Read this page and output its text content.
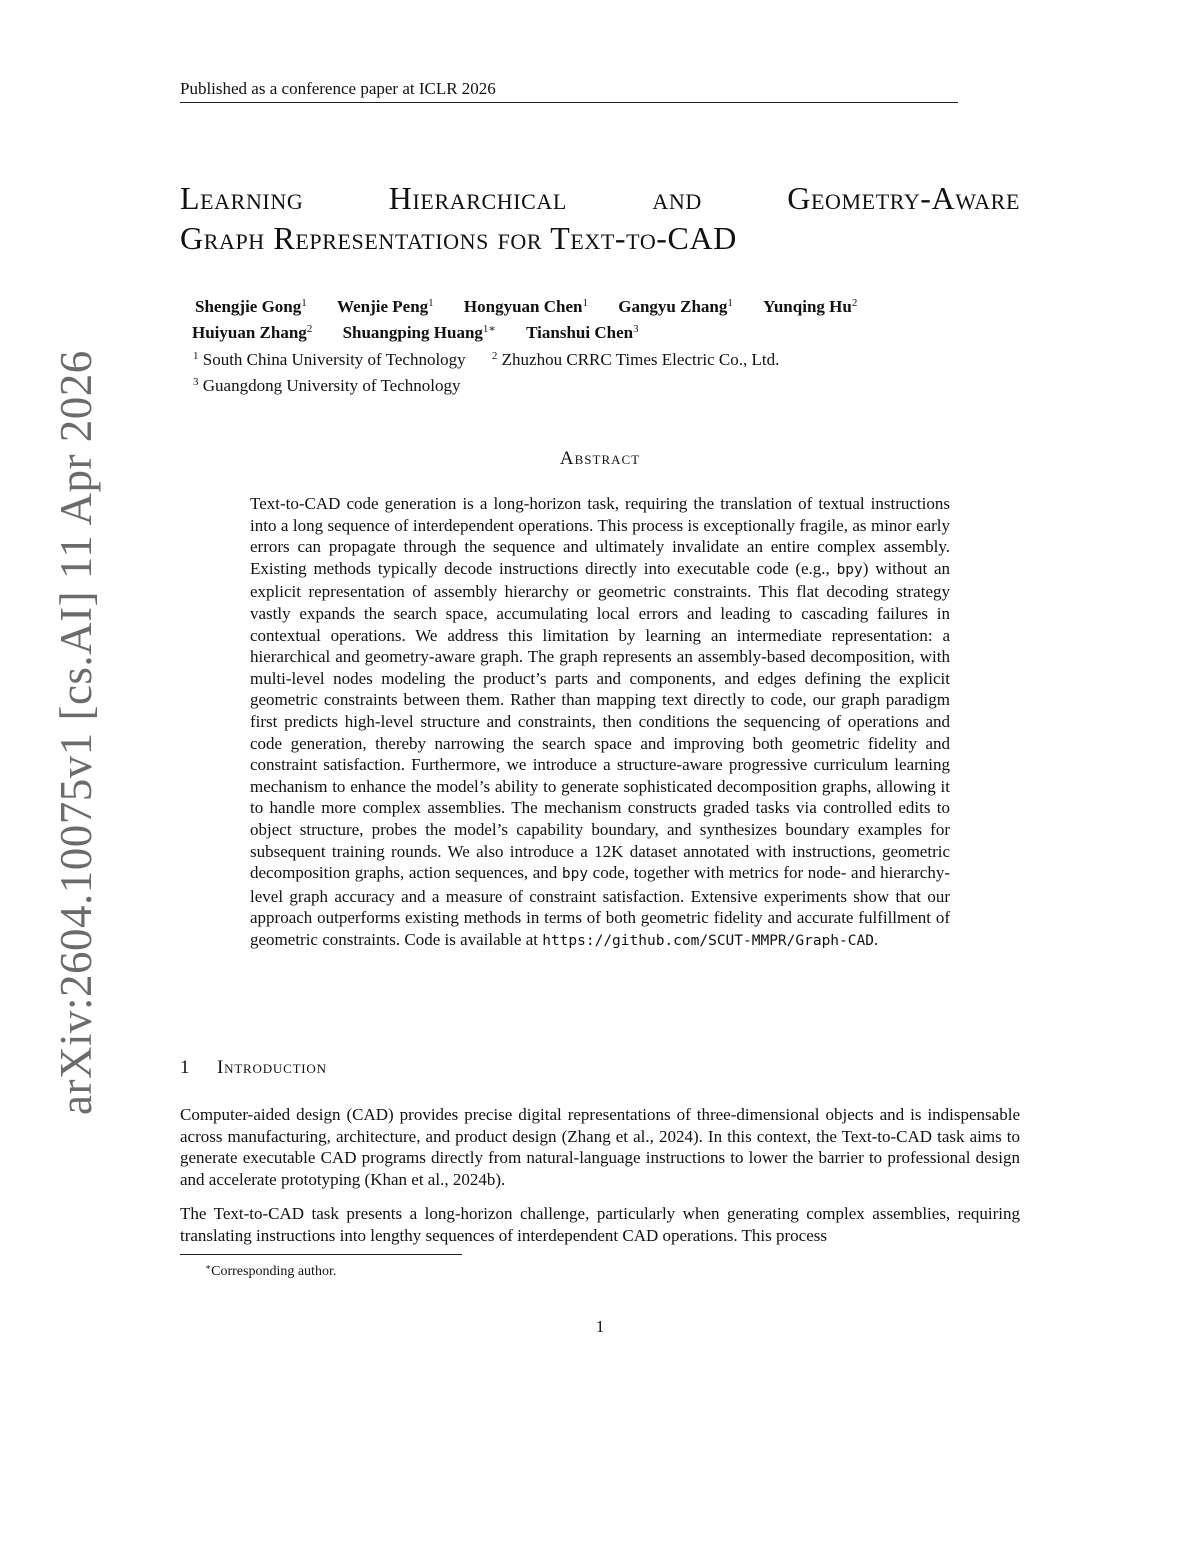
Published as a conference paper at ICLR 2026
arXiv:2604.10075v1 [cs.AI] 11 Apr 2026
Learning Hierarchical and Geometry-Aware
Graph Representations for Text-to-CAD
Shengjie Gong$^1$ Wenjie Peng$^1$ Hongyuan Chen$^1$ Gangyu Zhang$^1$ Yunqing Hu$^2$
Huiyuan Zhang$^2$ Shuangping Huang$^{1∗}$ Tianshui Chen$^3$
$^1$ South China University of Technology $^2$ Zhuzhou CRRC Times Electric Co., Ltd.
$^3$ Guangdong University of Technology
Abstract

Text-to-CAD code generation is a long-horizon task, requiring the translation of textual instructions into a long sequence of interdependent operations. This process is exceptionally fragile, as minor early errors can propagate through the sequence and ultimately invalidate an entire complex assembly. Existing methods typically decode instructions directly into executable code (e.g., bpy) without an explicit representation of assembly hierarchy or geometric constraints. This flat decoding strategy vastly expands the search space, accumulating local errors and leading to cascading failures in contextual operations. We address this limitation by learning an intermediate representation: a hierarchical and geometry-aware graph. The graph represents an assembly-based decomposition, with multi-level nodes modeling the product’s parts and components, and edges defining the explicit geometric constraints between them. Rather than mapping text directly to code, our graph paradigm first predicts high-level structure and constraints, then conditions the sequencing of operations and code generation, thereby narrowing the search space and improving both geometric fidelity and constraint satisfaction. Furthermore, we introduce a structure-aware progressive curriculum learning mechanism to enhance the model’s ability to generate sophisticated decomposition graphs, allowing it to handle more complex assemblies. The mechanism constructs graded tasks via controlled edits to object structure, probes the model’s capability boundary, and synthesizes boundary examples for subsequent training rounds. We also introduce a 12K dataset annotated with instructions, geometric decomposition graphs, action sequences, and bpy code, together with metrics for node- and hierarchy-level graph accuracy and a measure of constraint satisfaction. Extensive experiments show that our approach outperforms existing methods in terms of both geometric fidelity and accurate fulfillment of geometric constraints. Code is available at https://github.com/SCUT-MMPR/Graph-CAD.

1 Introduction

Computer-aided design (CAD) provides precise digital representations of three-dimensional objects and is indispensable across manufacturing, architecture, and product design (Zhang et al., 2024). In this context, the Text-to-CAD task aims to generate executable CAD programs directly from natural-language instructions to lower the barrier to professional design and accelerate prototyping (Khan et al., 2024b).

The Text-to-CAD task presents a long-horizon challenge, particularly when generating complex assemblies, requiring translating instructions into lengthy sequences of interdependent CAD operations. This process

∗Corresponding author.
1
